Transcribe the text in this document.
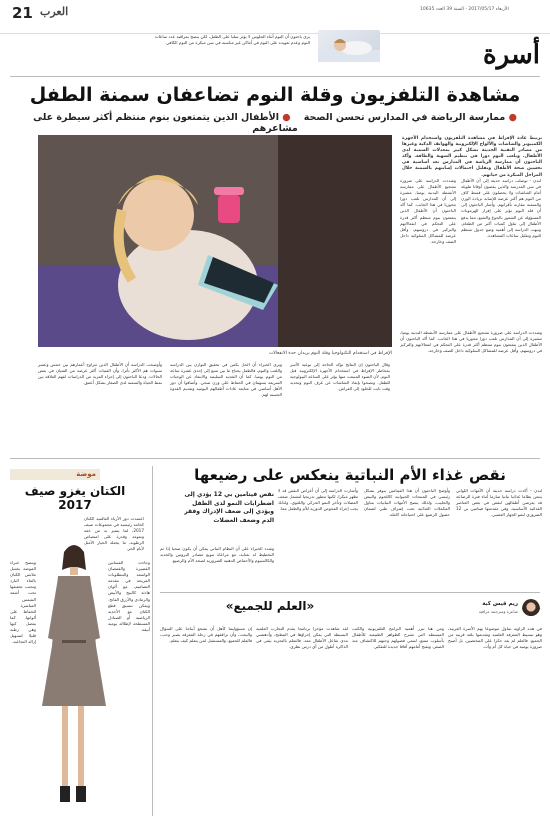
21 العرب	الأربعاء 2017/05/17 - السنة 39 العدد 10635
يرى باحثون أن النوم أثناء الجلوس لا يؤثر سلبا على الطفل، لكن ينصح بمراقبة عدد ساعات النوم وعدم تعويده على النوم في أماكن غير مناسبة في سن مبكرة من النوم الكافي	أسرة
مشاهدة التلفزيون وقلة النوم تضاعفان سمنة الطفل
● ممارسة الرياضة في المدارس تحسن الصحة    ● الأطفال الذين يتمتعون بنوم منتظم أكثر سيطرة على مشاعرهم
ترتبط عادة الإفراط في مشاهدة التلفزيون واستخدام الأجهزة الكمبيوتر والشاشات والألواح الإلكترونية والهواتف الذكية وغيرها من مصادر التقنية الحديثة بشكل كبير بمعدلات السمنة لدى الأطفال. ويلعب النوم دورا في تنظيم الشهية والطاقة. وأكد الباحثون أن ممارسة الرياضة في المدارس تعد أساسية في تحسين صحة الأطفال وتقليل احتمالات إصابتهم بالسمنة خلال المراحل المبكرة من حياتهم.
الإفراط في استخدام التكنولوجيا وقلة النوم يزيدان حدة الانفعالات
لندن - توصلت دراسة حديثة إلى أن الأطفال في سن المدرسة والذين يقضون أوقاتا طويلة أمام الشاشات ولا يحصلون على قسط كاف من النوم هم أكثر عرضة للإصابة بزيادة الوزن والسمنة مقارنة بأقرانهم. وأشار الباحثون إلى أن قلة النوم تؤثر على إفراز الهرمونات المسؤولة عن الشعور بالجوع والشبع، مما يدفع الأطفال إلى تناول كميات أكبر من الطعام. ونبهت الدراسة إلى أهمية وضع جدول منتظم للنوم وتقليل ساعات المشاهدة.
وشددت الدراسة على ضرورة تشجيع الأطفال على ممارسة الأنشطة البدنية يوميا، مشيرة إلى أن المدارس تلعب دورا محوريا في هذا الجانب. كما أكد الباحثون أن الأطفال الذين يتمتعون بنوم منتظم أكثر قدرة على التحكم في انفعالاتهم والتركيز في دروسهم، وأقل عرضة للمشاكل السلوكية داخل الصف وخارجه.
وقال الباحثون إن النتائج تؤكد الحاجة إلى توعية الأسر بمخاطر الإفراط في استخدام الأجهزة الإلكترونية قبل النوم، لأن الضوء المنبعث منها يؤثر على الساعة البيولوجية للطفل. ونصحوا بإبعاد الشاشات عن غرف النوم وتحديد وقت ثابت للخلود إلى الفراش.
ويرى الخبراء أن الحل يكمن في تحقيق التوازن بين الدراسة واللعب والنوم، فالطفل يحتاج ما بين تسع إلى إحدى عشرة ساعة من النوم يوميا. كما أن التغذية السليمة والابتعاد عن الوجبات السريعة يسهمان في الحفاظ على وزن صحي. وأضافوا أن دور الأهل أساسي في متابعة عادات أطفالهم اليومية وتقديم القدوة الحسنة لهم.
وأوضحت الدراسة أن الأطفال الذين تتراوح أعمارهم بين خمس وعشر سنوات هم الأكثر تأثرا، وأن الفتيات أكثر عرضة من الفتيان في بعض الحالات. ودعا الباحثون إلى إجراء المزيد من الدراسات لفهم العلاقة بين نمط الحياة والسمنة لدى الصغار بشكل أعمق.
وشددت الدراسة على ضرورة تشجيع الأطفال على ممارسة الأنشطة البدنية يوميا، مشيرة إلى أن المدارس تلعب دورا محوريا في هذا الجانب. كما أكد الباحثون أن الأطفال الذين يتمتعون بنوم منتظم أكثر قدرة على التحكم في انفعالاتهم والتركيز في دروسهم، وأقل عرضة للمشاكل السلوكية داخل الصف وخارجه.
موضة
الكتان يغزو صيف 2017
اعتمدت دور الأزياء العالمية الكتان كخامة رئيسية في مجموعات صيف 2017، لما يتميز به من خفة ونعومة وقدرة على امتصاص الرطوبة، ما يجعله الخيار الأمثل لأيام الحر.
وجاءت الفساتين القصيرة والقمصان الواسعة والبنطلونات المريحة في مقدمة التصاميم، مع ألوان هادئة كالبيج والأبيض والرمادي والأزرق الفاتح. ويمكن تنسيق قطع الكتان مع الأحذية الرياضية أو الصنادل المسطحة لإطلالة يومية أنيقة.
وينصح خبراء الموضة بغسل ملابس الكتان بالماء البارد وتجنب تجفيفها تحت أشعة الشمس المباشرة للحفاظ على ألوانها. كما يفضل كيها وهي رطبة قليلا لتسهيل إزالة التجاعيد.
نقص غذاء الأم النباتية ينعكس على رضيعها
لندن - أكدت دراسة حديثة أن الأمهات اللواتي يتبعن نظاما غذائيا نباتيا صارما أثناء فترة الرضاعة قد يعرضن أطفالهن لنقص في بعض العناصر الغذائية الأساسية، وفي مقدمتها فيتامين بي 12 الضروري لنمو الجهاز العصبي.
وأوضح الباحثون أن هذا الفيتامين يتوفر بشكل رئيسي في المنتجات الحيوانية كاللحوم والبيض والحليب، ولذلك ينصح الأمهات النباتيات بتناول المكملات الغذائية تحت إشراف طبي لضمان حصول الرضيع على احتياجاته كاملة.
وأشارت الدراسة إلى أن أعراض النقص قد لا تظهر مبكرا، لكنها تتطور تدريجيا لتشمل ضعف العضلات وتأخر النمو الحركي واللغوي، ولذلك يجب إجراء الفحوص الدورية للأم والطفل معا.
نقص فيتامين بي 12 يؤدي إلى اضطرابات النمو لدى الطفل ويؤدي إلى ضعف الإدراك وفقر الدم وضعف العضلات
وشدد الخبراء على أن النظام النباتي يمكن أن يكون صحيا إذا تم التخطيط له بعناية، مع مراعاة تنويع مصادر البروتين والحديد والكالسيوم والأحماض الدهنية الضرورية لصحة الأم والرضيع.
«العلم للجميع»	ريم قيس كبة
شاعرة ومترجمة عراقية
في هذه الزاوية نتناول موضوعا يهم الأسرة العربية، وهو تبسيط المعرفة العلمية وتقديمها بلغة قريبة من الجميع. فالعلم لم يعد حكرا على المختصين، بل أصبح ضرورة يومية في حياة كل أم وأب.
ومن هنا تبرز أهمية البرامج التلفزيونية والكتب المبسطة التي تشرح الظواهر الطبيعية للأطفال بأسلوب ممتع، لتنمي فضولهم وحبهم للاكتشاف منذ الصغر، وتفتح أمامهم آفاقا جديدة للتفكير.
لقد شاهدت مؤخرا برنامجا يقدم التجارب العلمية البسيطة التي يمكن إجراؤها في المطبخ، وأدهشني مدى تفاعل الأطفال معه. فالتعلم بالتجربة يبقى في الذاكرة أطول من أي درس نظري.
إن مسؤوليتنا كأهل أن نشجع أبناءنا على السؤال والبحث، وأن نرافقهم في رحلة المعرفة بصبر وحب، فالعلم للجميع، والمستقبل لمن يتعلم كيف يتعلم.
